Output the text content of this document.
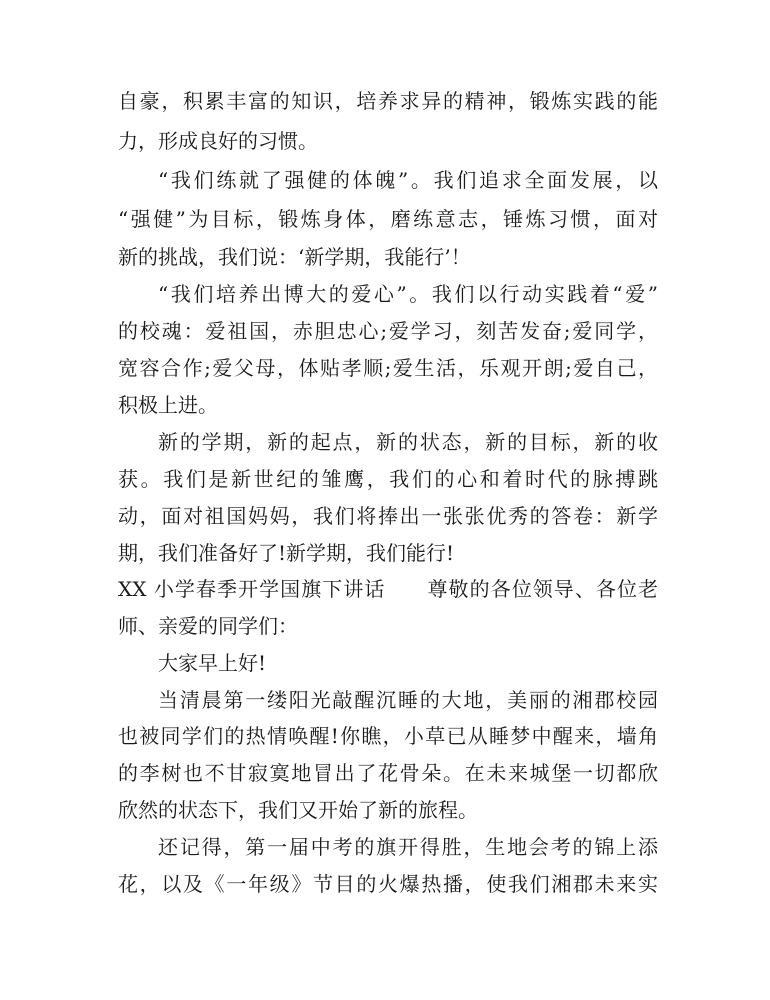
自豪，积累丰富的知识，培养求异的精神，锻炼实践的能

力，形成良好的习惯。

“我们练就了强健的体魄”。我们追求全面发展，以

“强健”为目标，锻炼身体，磨练意志，锤炼习惯，面对

新的挑战，我们说：‘新学期，我能行’！

“我们培养出博大的爱心”。我们以行动实践着“爱”

的校魂：爱祖国，赤胆忠心;爱学习，刻苦发奋;爱同学，

宽容合作;爱父母，体贴孝顺;爱生活，乐观开朗;爱自己，

积极上进。

新的学期，新的起点，新的状态，新的目标，新的收

获。我们是新世纪的雏鹰，我们的心和着时代的脉搏跳

动，面对祖国妈妈，我们将捧出一张张优秀的答卷：新学

期，我们准备好了!新学期，我们能行!

XX 小学春季开学国旗下讲话　　尊敬的各位领导、各位老

师、亲爱的同学们：

大家早上好!

当清晨第一缕阳光敲醒沉睡的大地，美丽的湘郡校园

也被同学们的热情唤醒!你瞧，小草已从睡梦中醒来，墙角

的李树也不甘寂寞地冒出了花骨朵。在未来城堡一切都欣

欣然的状态下，我们又开始了新的旅程。

还记得，第一届中考的旗开得胜，生地会考的锦上添

花，以及《一年级》节目的火爆热播，使我们湘郡未来实
